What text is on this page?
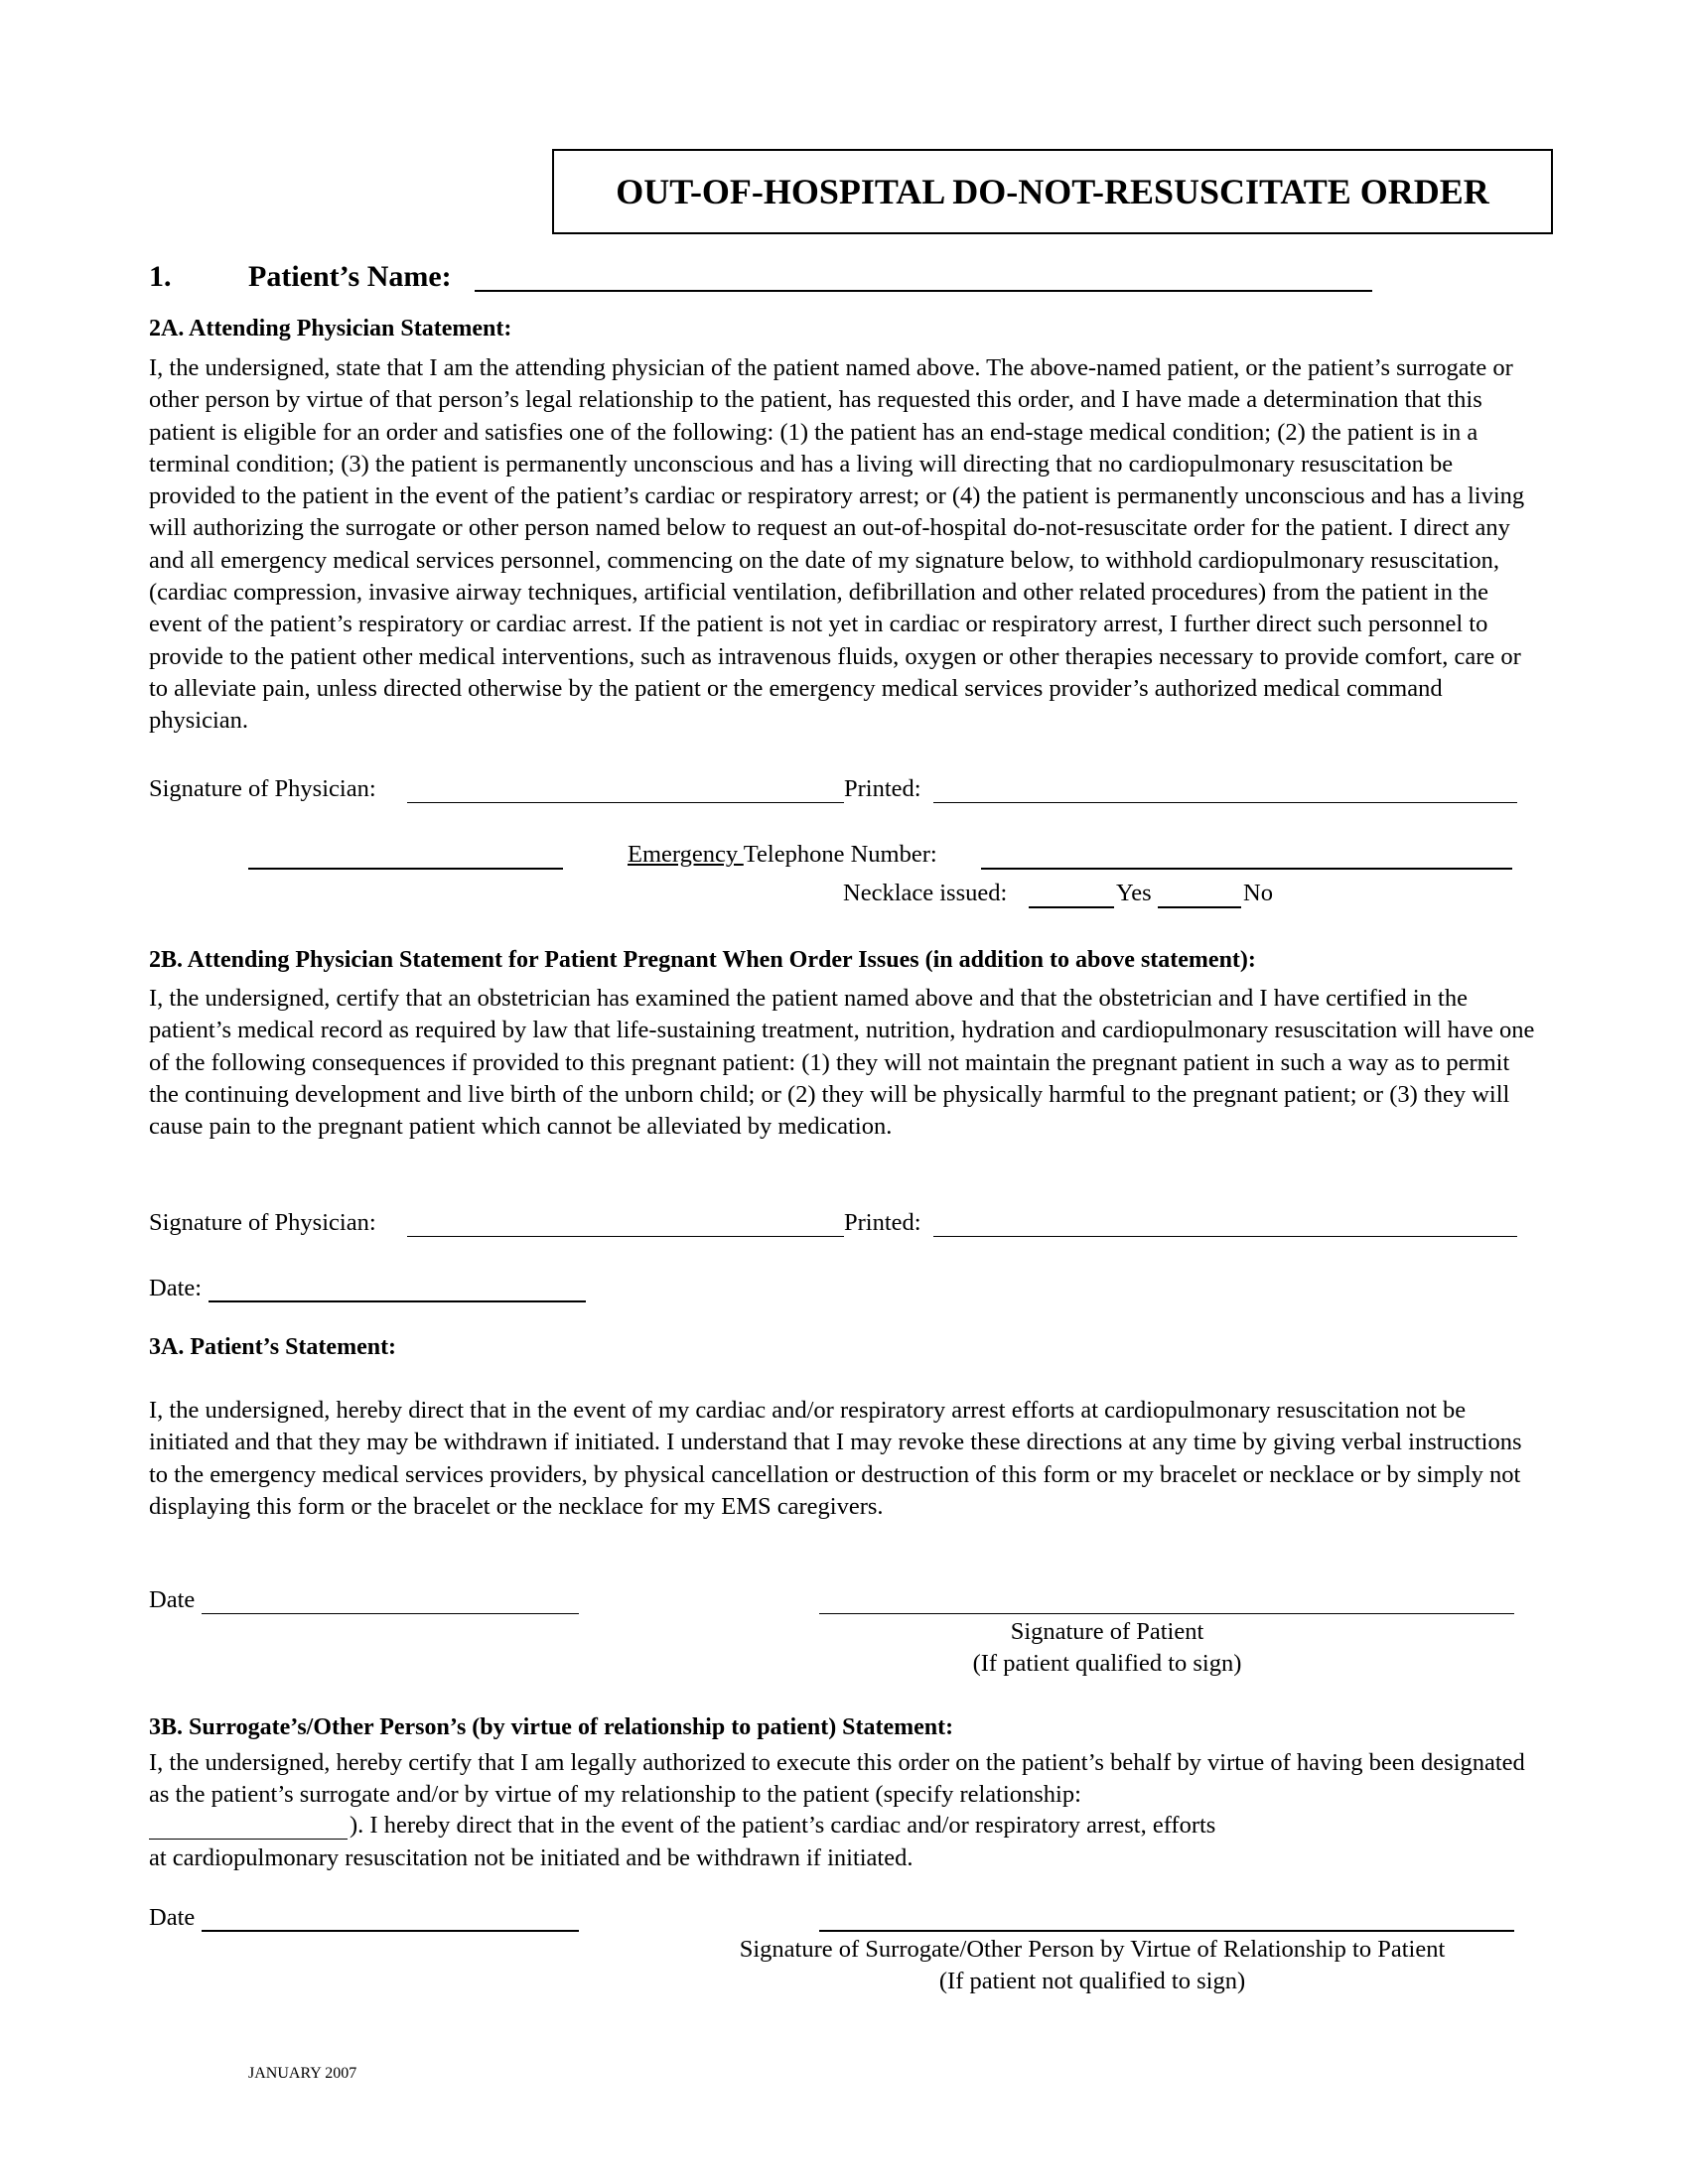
OUT-OF-HOSPITAL DO-NOT-RESUSCITATE ORDER
1.	Patient’s Name:
2A. Attending Physician Statement:
I, the undersigned, state that I am the attending physician of the patient named above. The above-named patient, or the patient’s surrogate or other person by virtue of that person’s legal relationship to the patient, has requested this order, and I have made a determination that this patient is eligible for an order and satisfies one of the following: (1) the patient has an end-stage medical condition; (2) the patient is in a terminal condition; (3) the patient is permanently unconscious and has a living will directing that no cardiopulmonary resuscitation be provided to the patient in the event of the patient’s cardiac or respiratory arrest; or (4) the patient is permanently unconscious and has a living will authorizing the surrogate or other person named below to request an out-of-hospital do-not-resuscitate order for the patient. I direct any and all emergency medical services personnel, commencing on the date of my signature below, to withhold cardiopulmonary resuscitation, (cardiac compression, invasive airway techniques, artificial ventilation, defibrillation and other related procedures) from the patient in the event of the patient’s respiratory or cardiac arrest. If the patient is not yet in cardiac or respiratory arrest, I further direct such personnel to provide to the patient other medical interventions, such as intravenous fluids, oxygen or other therapies necessary to provide comfort, care or to alleviate pain, unless directed otherwise by the patient or the emergency medical services provider’s authorized medical command physician.
Signature of Physician:	Printed:
Emergency Telephone Number:
Necklace issued:	Yes	No
2B. Attending Physician Statement for Patient Pregnant When Order Issues (in addition to above statement):
I, the undersigned, certify that an obstetrician has examined the patient named above and that the obstetrician and I have certified in the patient’s medical record as required by law that life-sustaining treatment, nutrition, hydration and cardiopulmonary resuscitation will have one of the following consequences if provided to this pregnant patient: (1) they will not maintain the pregnant patient in such a way as to permit the continuing development and live birth of the unborn child; or (2) they will be physically harmful to the pregnant patient; or (3) they will cause pain to the pregnant patient which cannot be alleviated by medication.
Signature of Physician:	Printed:
Date:
3A. Patient’s Statement:
I, the undersigned, hereby direct that in the event of my cardiac and/or respiratory arrest efforts at cardiopulmonary resuscitation not be initiated and that they may be withdrawn if initiated. I understand that I may revoke these directions at any time by giving verbal instructions to the emergency medical services providers, by physical cancellation or destruction of this form or my bracelet or necklace or by simply not displaying this form or the bracelet or the necklace for my EMS caregivers.
Date
Signature of Patient
(If patient qualified to sign)
3B. Surrogate’s/Other Person’s (by virtue of relationship to patient) Statement:
I, the undersigned, hereby certify that I am legally authorized to execute this order on the patient’s behalf by virtue of having been designated as the patient’s surrogate and/or by virtue of my relationship to the patient (specify relationship:
). I hereby direct that in the event of the patient’s cardiac and/or respiratory arrest, efforts
at cardiopulmonary resuscitation not be initiated and be withdrawn if initiated.
Date
Signature of Surrogate/Other Person by Virtue of Relationship to Patient
(If patient not qualified to sign)
JANUARY 2007
